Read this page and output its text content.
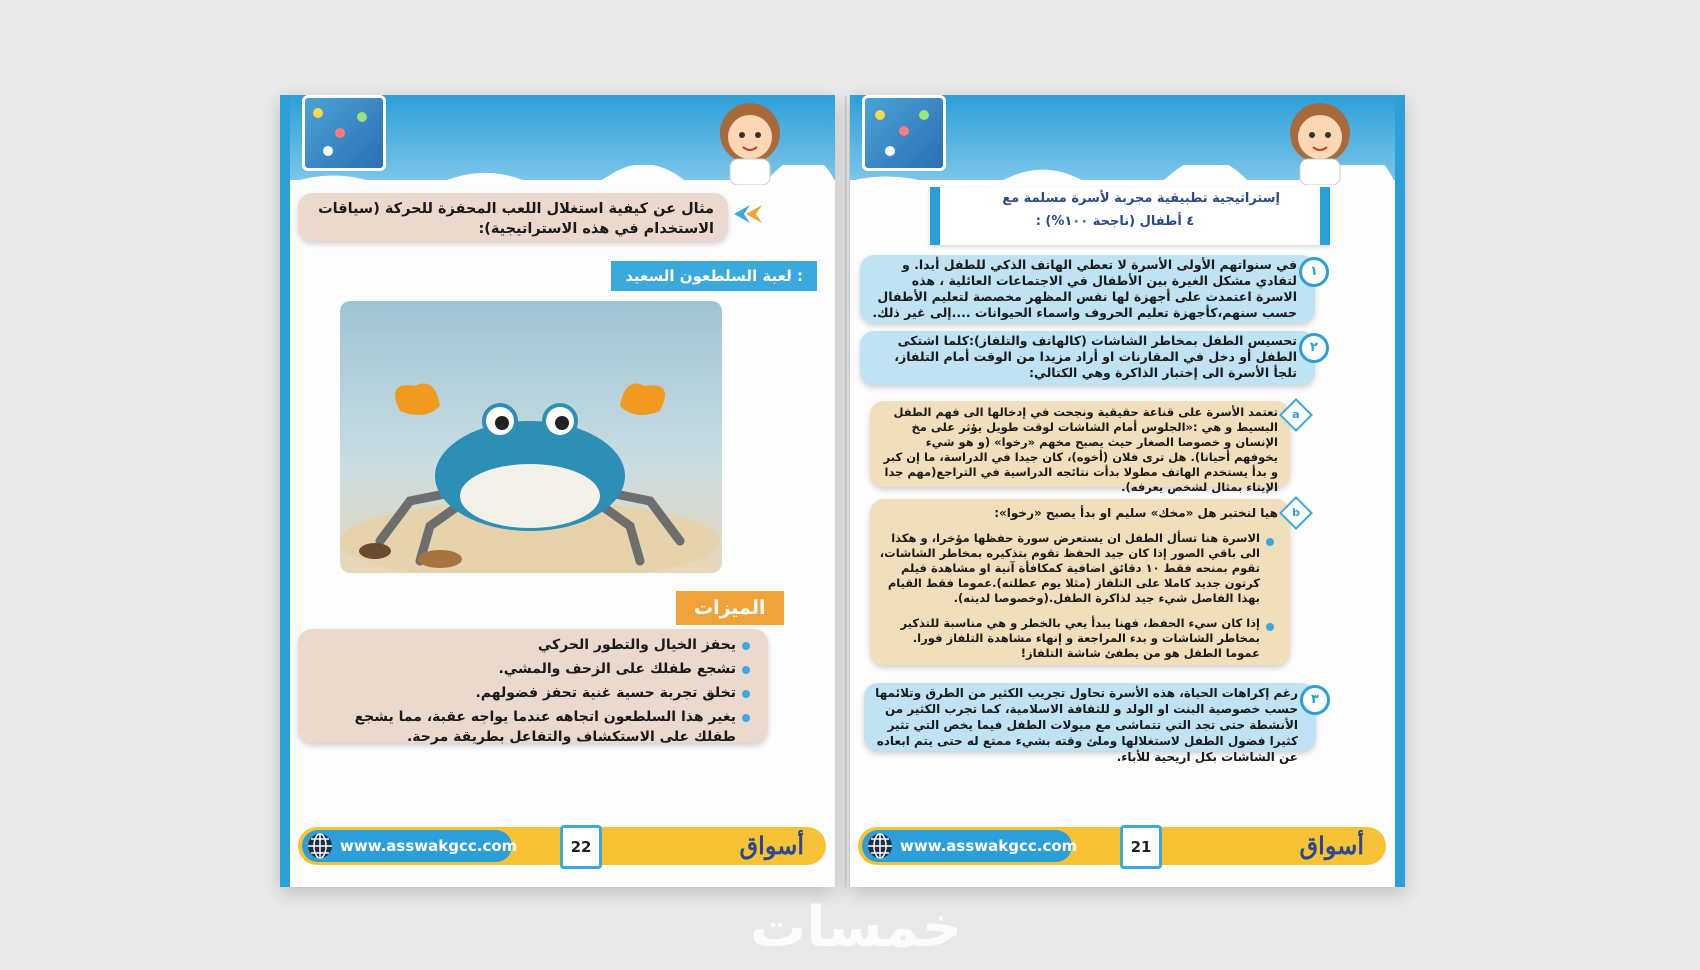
مثال عن كيفية استغلال اللعب المحفزة للحركة (سياقات الاستخدام في هذه الاستراتيجية):
لعبة السلطعون السعيد :
الميزات
يحفز الخيال والتطور الحركي
تشجع طفلك على الزحف والمشي.
تخلق تجربة حسية غنية تحفز فضولهم.
يغير هذا السلطعون اتجاهه عندما يواجه عقبة، مما يشجع طفلك على الاستكشاف والتفاعل بطريقة مرحة.
www.asswakgcc.com	22	أسواق
إستراتيجية تطبيقية مجربة لأسرة مسلمة مع
٤ أطفال (ناجحة ١٠٠%) :
١
في سنواتهم الأولى الأسرة لا تعطي الهاتف الذكي للطفل أبدا. و لتفادي مشكل الغيرة بين الأطفال في الاجتماعات العائلية ، هذه الاسرة اعتمدت على أجهزة لها نفس المظهر مخصصة لتعليم الأطفال حسب سنهم،كأجهزة تعليم الحروف واسماء الحيوانات ....إلى غير ذلك.
٢
تحسيس الطفل بمخاطر الشاشات (كالهاتف والتلفاز):كلما اشتكى الطفل أو دخل في المقارنات او أراد مزيدا من الوقت أمام التلفاز، تلجأ الأسرة الى إختبار الذاكرة وهي الكتالي:
a
تعتمد الأسرة على قناعة حقيقية ونجحت في إدخالها الى فهم الطفل البسيط و هي :«الجلوس أمام الشاشات لوقت طويل يؤثر على مخ الإنسان و خصوصا الصغار حيث يصبح مخهم «رخوا» (و هو شيء يخوفهم أحيانا). هل ترى فلان (أخوه)، كان جيدا في الدراسة، ما إن كبر و بدأ يستخدم الهاتف مطولا بدأت نتائجه الدراسية في التراجع(مهم جدا الإيتاء بمثال لشخص يعرفه).
b
هيا لنختبر هل «مخك» سليم او بدأ يصبح «رخوا»:
الاسرة هنا تسأل الطفل ان يستعرض سورة حفظها مؤخرا، و هكذا الى باقي الصور إذا كان جيد الحفظ تقوم بتذكيره بمخاطر الشاشات، تقوم بمنحه فقط ١٠ دقائق اضافية كمكافأة آنية او مشاهدة فيلم كرتون جديد كاملا على التلفاز (مثلا يوم عطلته).عموما فقط القيام بهذا الفاصل شيء جيد لذاكرة الطفل.(وخصوصا لدينه).
إذا كان سيء الحفظ، فهنا يبدأ يعي بالخطر و هي مناسبة للتذكير بمخاطر الشاشات و بدء المراجعة و إنهاء مشاهدة التلفاز فورا. عموما الطفل هو من يطفئ شاشة التلفاز!
٣
رغم إكراهات الحياة، هذه الأسرة تحاول تجريب الكثير من الطرق وتلائمها حسب خصوصية البنت او الولد و للثقافة الاسلامية، كما تجرب الكثير من الأنشطة حتى تجد التي تتماشى مع ميولات الطفل فيما يخص التي تثير كثيرا فضول الطفل لاستغلالها وملئ وقته بشيء ممتع له حتى يتم ابعاده عن الشاشات بكل اريحية للأباء.
www.asswakgcc.com	21	أسواق
خمسات
